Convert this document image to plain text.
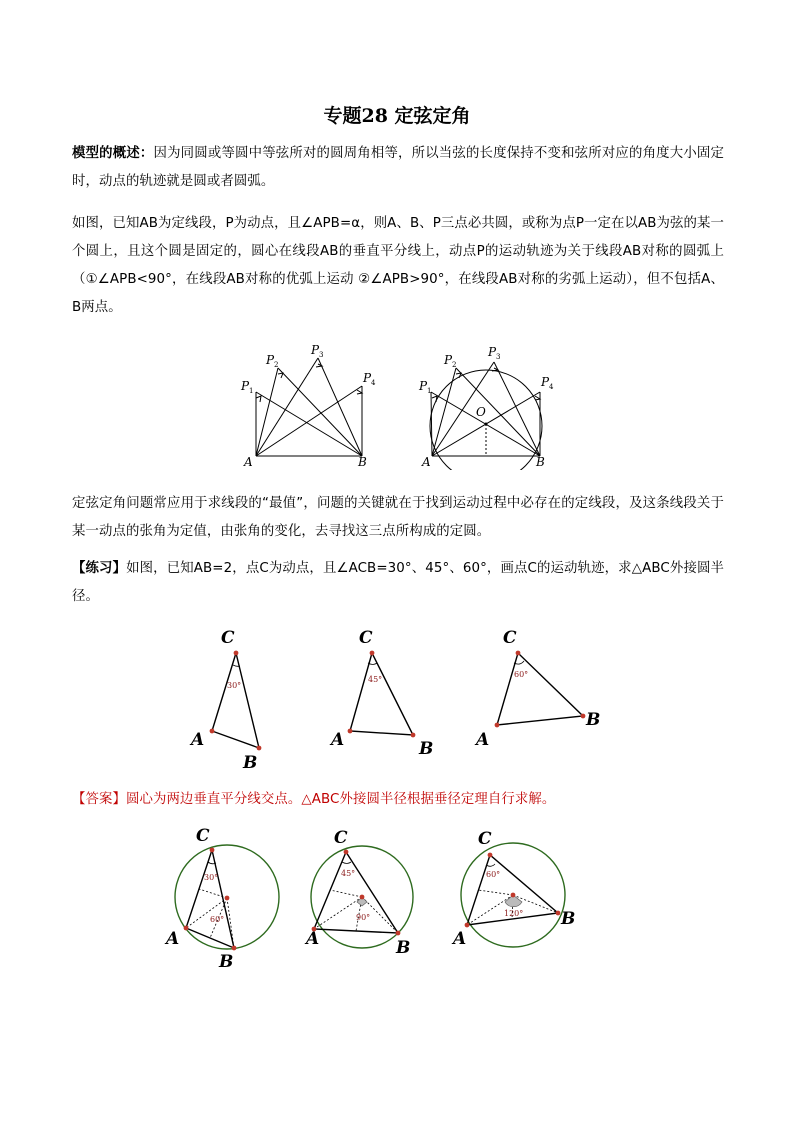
专题28 定弦定角
模型的概述：因为同圆或等圆中等弦所对的圆周角相等，所以当弦的长度保持不变和弦所对应的角度大小固定时，动点的轨迹就是圆或者圆弧。
如图，已知AB为定线段，P为动点，且∠APB=α，则A、B、P三点必共圆，或称为点P一定在以AB为弦的某一个圆上，且这个圆是固定的，圆心在线段AB的垂直平分线上，动点P的运动轨迹为关于线段AB对称的圆弧上（①∠APB<90°，在线段AB对称的优弧上运动 ②∠APB>90°，在线段AB对称的劣弧上运动），但不包括A、B两点。
A	B
P
P
P
P
A	B
P
P
P
P
O
1
2
3
4
1
2
3
4
定弦定角问题常应用于求线段的“最值”，问题的关键就在于找到运动过程中必存在的定线段，及这条线段关于某一动点的张角为定值，由张角的变化，去寻找这三点所构成的定圆。
【练习】如图，已知AB=2，点C为动点，且∠ACB=30°、45°、60°，画点C的运动轨迹，求△ABC外接圆半径。
C
A
B
C
A	B
C
A
B
30°
45°
60°
【答案】圆心为两边垂直平分线交点。△ABC外接圆半径根据垂径定理自行求解。
C
A
B
C
A	B
C
A
B
30°
60°
45°
90°
60°
120°
